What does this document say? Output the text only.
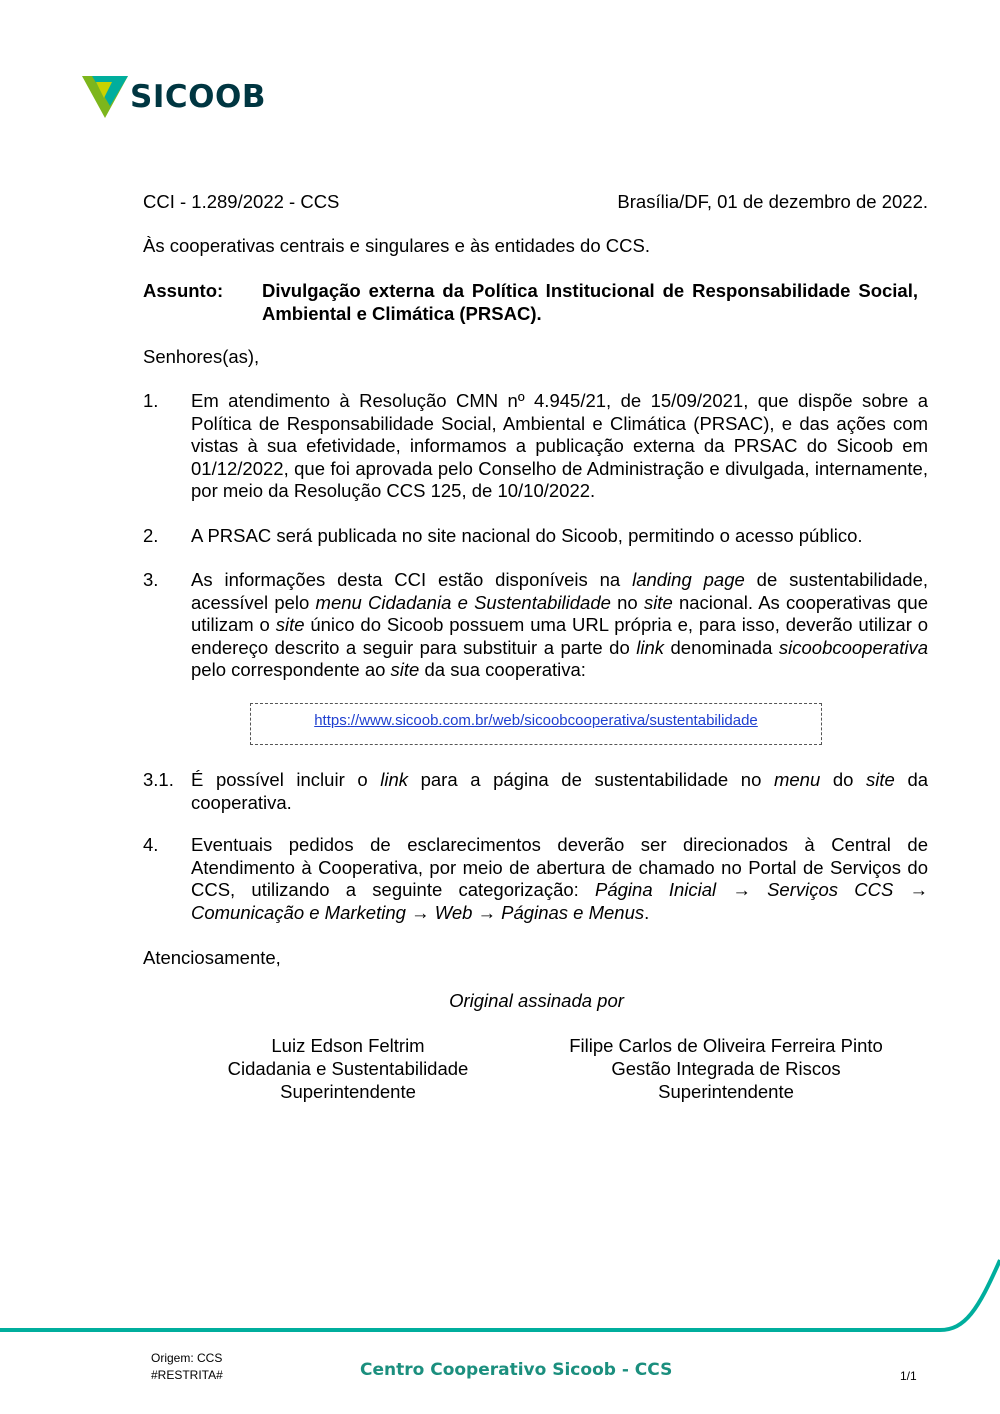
SICOOB
CCI - 1.289/2022 - CCS	Brasília/DF, 01 de dezembro de 2022.
Às cooperativas centrais e singulares e às entidades do CCS.
Assunto: Divulgação externa da Política Institucional de Responsabilidade Social, Ambiental e Climática (PRSAC).
Senhores(as),
1. Em atendimento à Resolução CMN nº 4.945/21, de 15/09/2021, que dispõe sobre a Política de Responsabilidade Social, Ambiental e Climática (PRSAC), e das ações com vistas à sua efetividade, informamos a publicação externa da PRSAC do Sicoob em 01/12/2022, que foi aprovada pelo Conselho de Administração e divulgada, internamente, por meio da Resolução CCS 125, de 10/10/2022.
2. A PRSAC será publicada no site nacional do Sicoob, permitindo o acesso público.
3. As informações desta CCI estão disponíveis na landing page de sustentabilidade, acessível pelo menu Cidadania e Sustentabilidade no site nacional. As cooperativas que utilizam o site único do Sicoob possuem uma URL própria e, para isso, deverão utilizar o endereço descrito a seguir para substituir a parte do link denominada sicoobcooperativa pelo correspondente ao site da sua cooperativa:
https://www.sicoob.com.br/web/sicoobcooperativa/sustentabilidade
3.1. É possível incluir o link para a página de sustentabilidade no menu do site da cooperativa.
4. Eventuais pedidos de esclarecimentos deverão ser direcionados à Central de Atendimento à Cooperativa, por meio de abertura de chamado no Portal de Serviços do CCS, utilizando a seguinte categorização: Página Inicial → Serviços CCS → Comunicação e Marketing → Web → Páginas e Menus.
Atenciosamente,
Original assinada por
Luiz Edson Feltrim
Cidadania e Sustentabilidade
Superintendente
Filipe Carlos de Oliveira Ferreira Pinto
Gestão Integrada de Riscos
Superintendente
Origem: CCS
#RESTRITA#	Centro Cooperativo Sicoob - CCS	1/1
